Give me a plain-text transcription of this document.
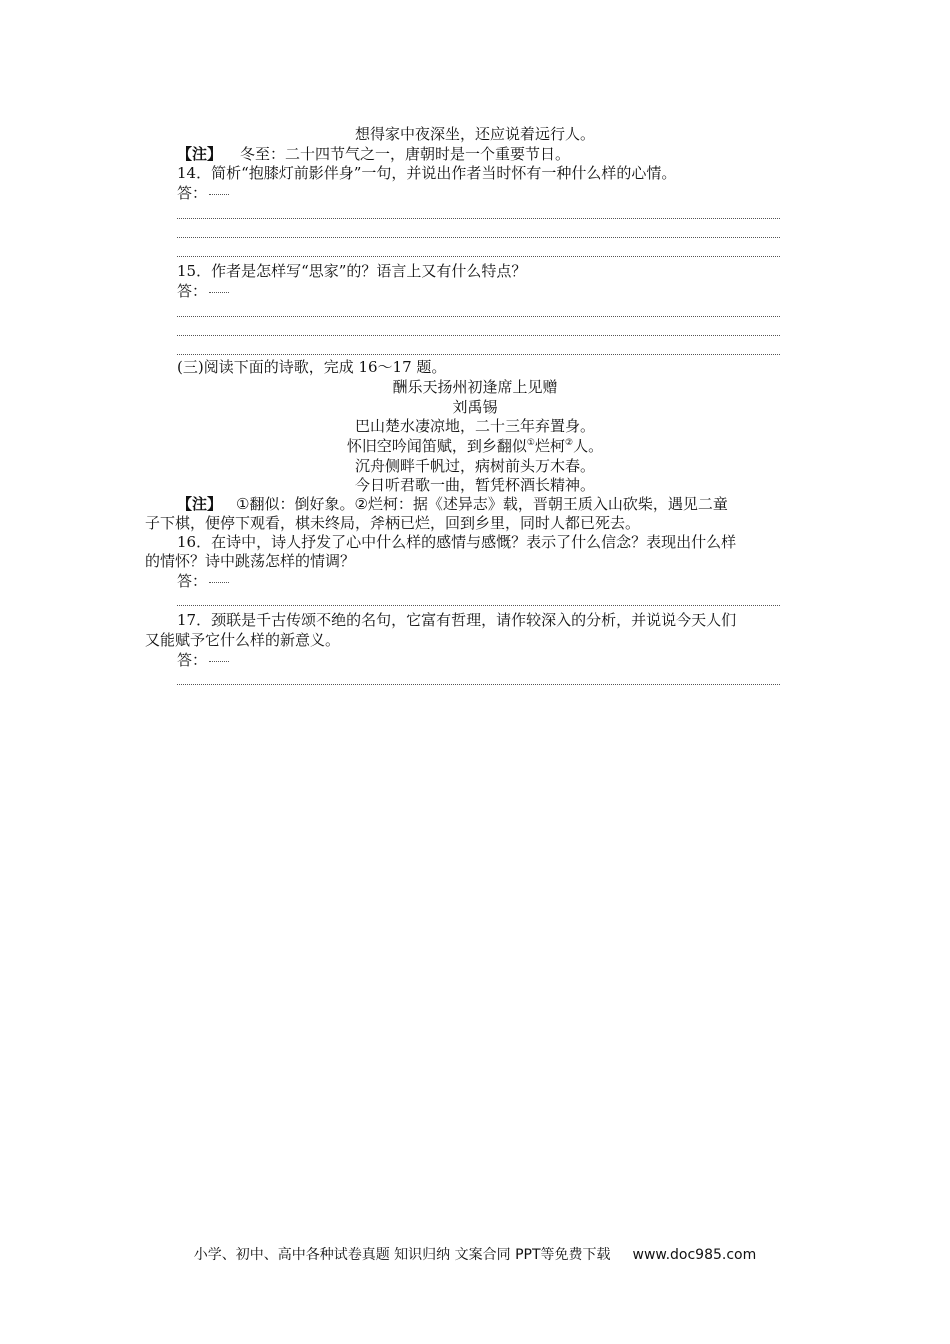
想得家中夜深坐，还应说着远行人。
【注】 冬至：二十四节气之一，唐朝时是一个重要节日。
14．简析“抱膝灯前影伴身”一句，并说出作者当时怀有一种什么样的心情。
答：
15．作者是怎样写“思家”的？语言上又有什么特点？
答：
(三)阅读下面的诗歌，完成 16～17 题。
酬乐天扬州初逢席上见赠
刘禹锡
巴山楚水凄凉地，二十三年弃置身。
怀旧空吟闻笛赋，到乡翻似①烂柯②人。
沉舟侧畔千帆过，病树前头万木春。
今日听君歌一曲，暂凭杯酒长精神。
【注】 ①翻似：倒好象。②烂柯：据《述异志》载，晋朝王质入山砍柴，遇见二童
子下棋，便停下观看，棋未终局，斧柄已烂，回到乡里，同时人都已死去。
16．在诗中，诗人抒发了心中什么样的感情与感慨？表示了什么信念？表现出什么样
的情怀？诗中跳荡怎样的情调？
答：
17．颈联是千古传颂不绝的名句，它富有哲理，请作较深入的分析，并说说今天人们
又能赋予它什么样的新意义。
答：
小学、初中、高中各种试卷真题 知识归纳 文案合同 PPT等免费下载 www.doc985.com
